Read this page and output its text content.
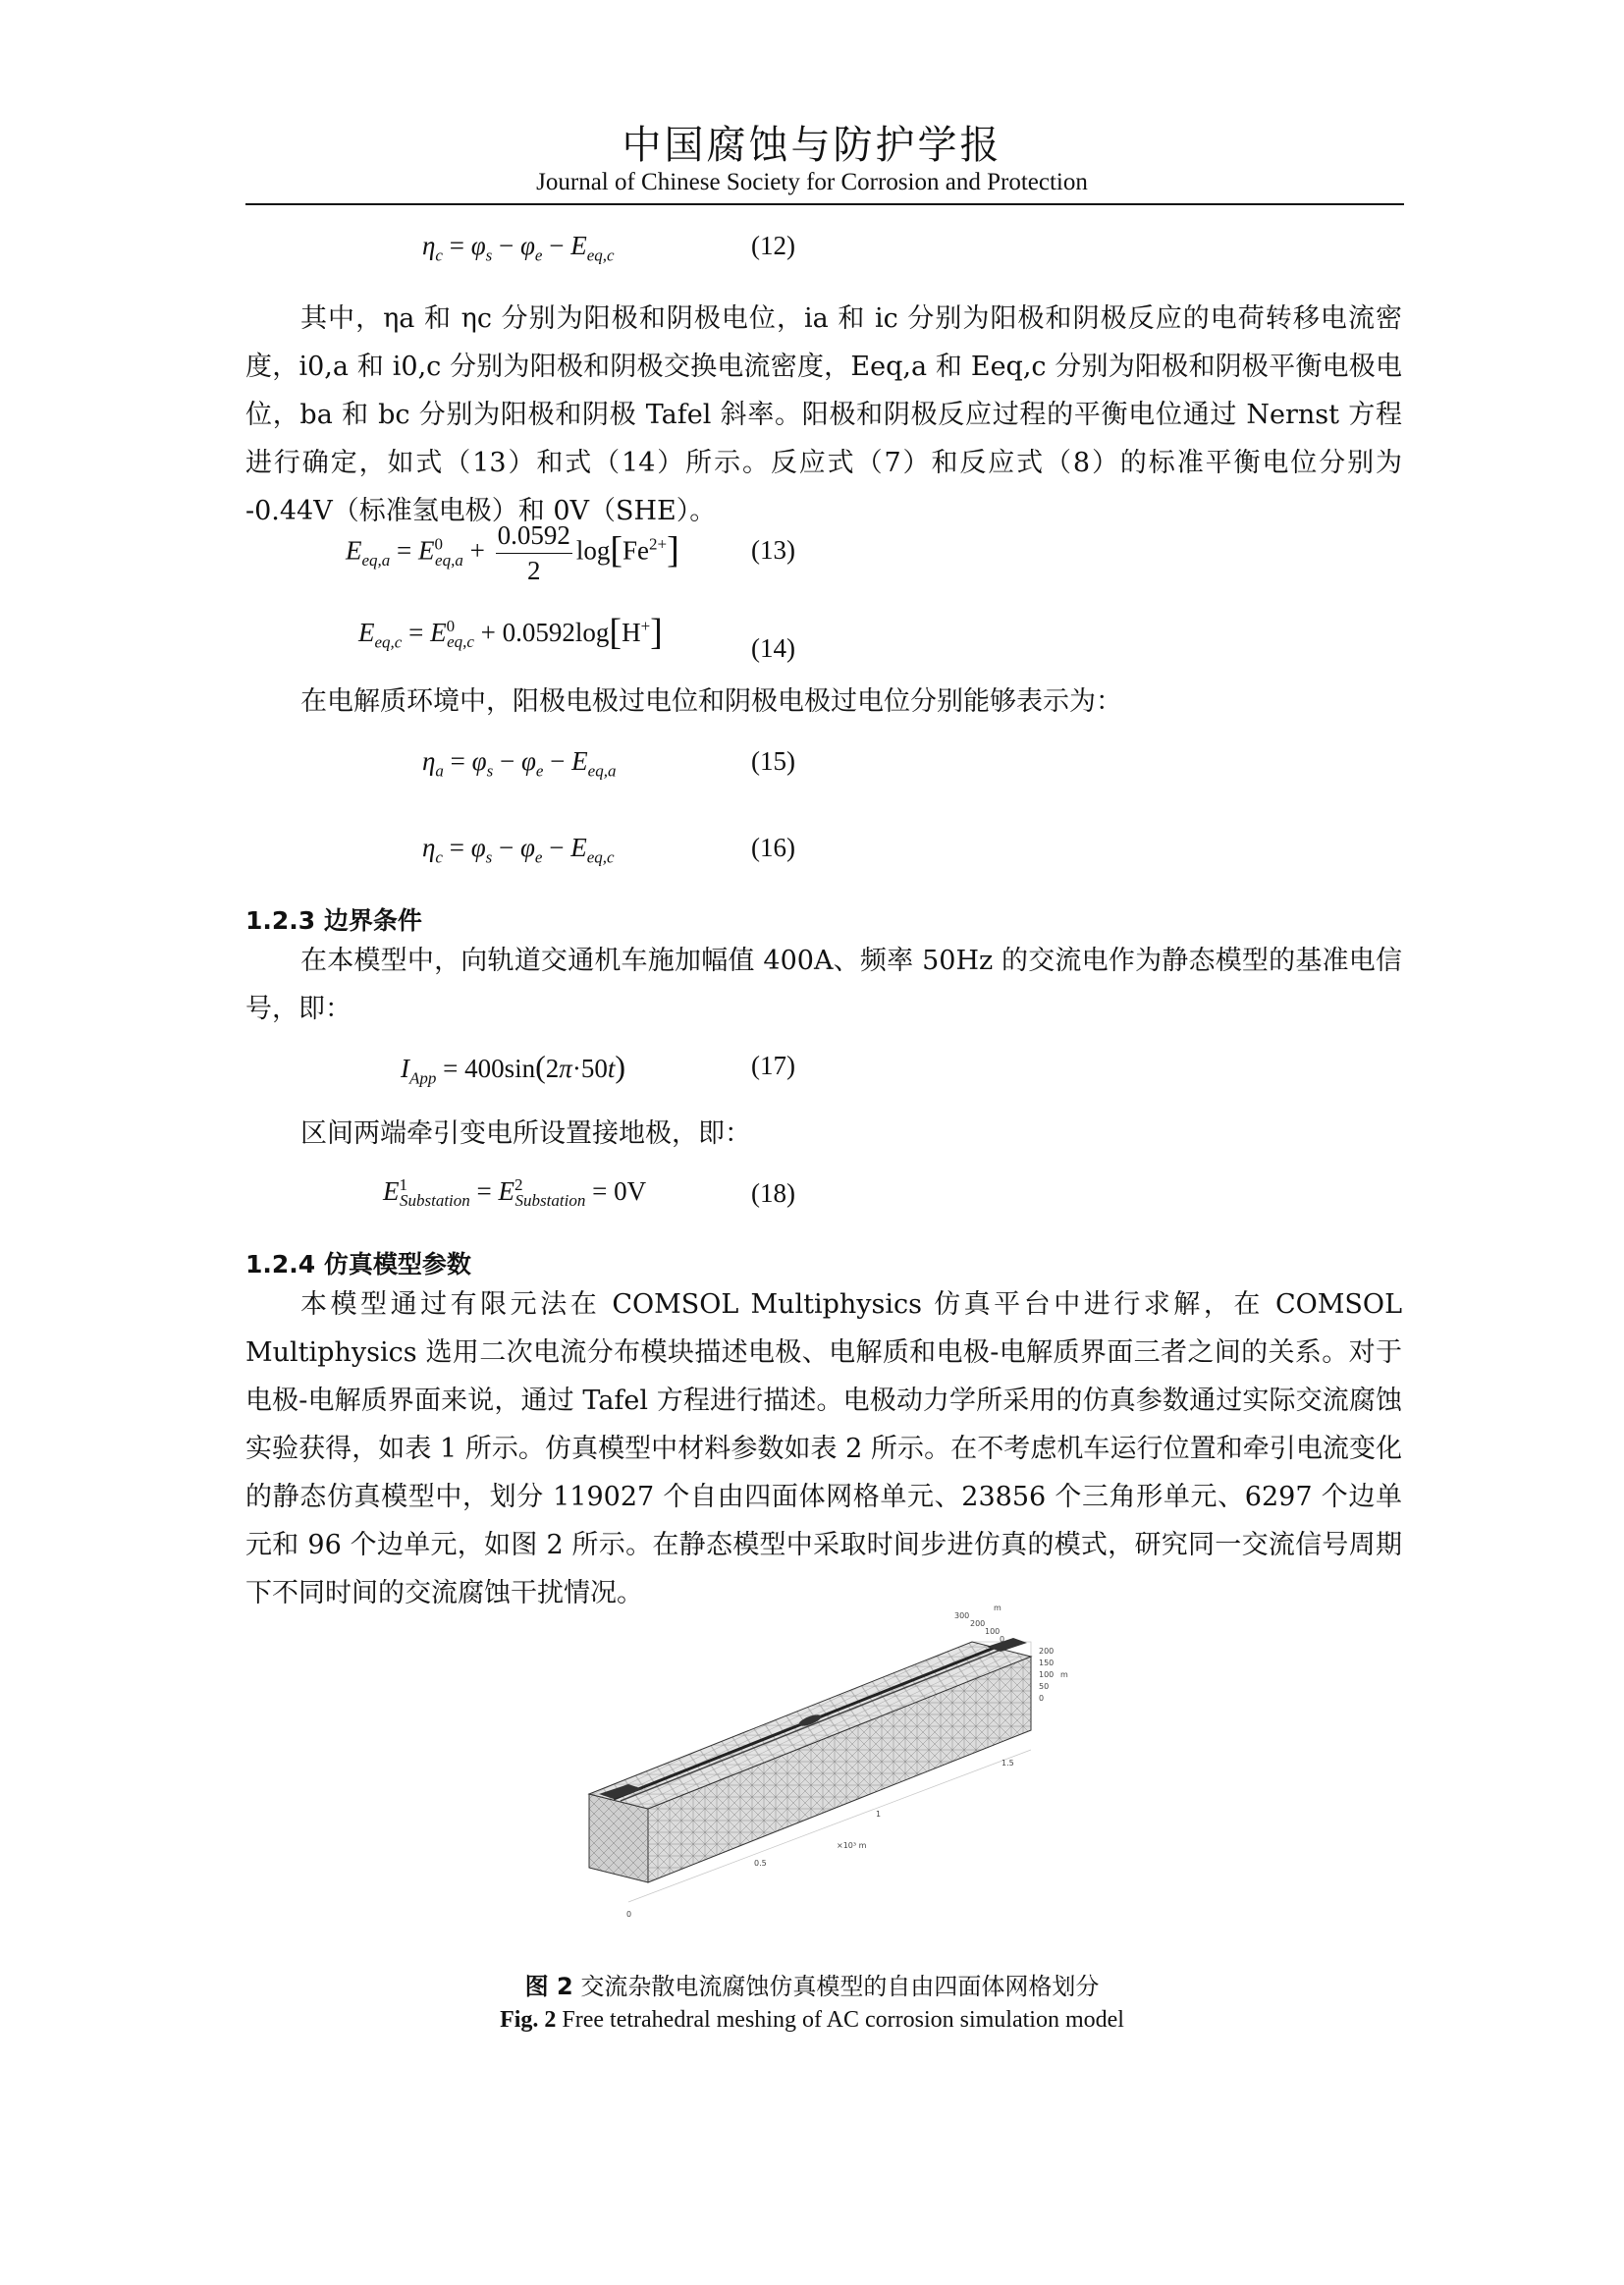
中国腐蚀与防护学报
Journal of Chinese Society for Corrosion and Protection
$\eta_c = \varphi_s - \varphi_e - E_{eq,c}$	(12)
其中，ηa 和 ηc 分别为阳极和阴极电位，ia 和 ic 分别为阳极和阴极反应的电荷转移电流密度，i0,a 和 i0,c 分别为阳极和阴极交换电流密度，Eeq,a 和 Eeq,c 分别为阳极和阴极平衡电极电位，ba 和 bc 分别为阳极和阴极 Tafel 斜率。阳极和阴极反应过程的平衡电位通过 Nernst 方程进行确定，如式（13）和式（14）所示。反应式（7）和反应式（8）的标准平衡电位分别为 -0.44V（标准氢电极）和 0V（SHE）。
$E_{eq,a} = E^0_{eq,a} + \frac{0.0592}{2} \log[Fe^{2+}]$	(13)
$E_{eq,c} = E^0_{eq,c} + 0.0592\log[H^+]$	(14)
在电解质环境中，阳极电极过电位和阴极电极过电位分别能够表示为：
$\eta_a = \varphi_s - \varphi_e - E_{eq,a}$	(15)
$\eta_c = \varphi_s - \varphi_e - E_{eq,c}$	(16)
1.2.3 边界条件
在本模型中，向轨道交通机车施加幅值 400A、频率 50Hz 的交流电作为静态模型的基准电信号，即：
$I_{App} = 400\sin(2\pi\cdot 50t)$	(17)
区间两端牵引变电所设置接地极，即：
$E^1_{Substation} = E^2_{Substation} = 0V$	(18)
1.2.4 仿真模型参数
本模型通过有限元法在 COMSOL Multiphysics 仿真平台中进行求解，在 COMSOL Multiphysics 选用二次电流分布模块描述电极、电解质和电极-电解质界面三者之间的关系。对于电极-电解质界面来说，通过 Tafel 方程进行描述。电极动力学所采用的仿真参数通过实际交流腐蚀实验获得，如表 1 所示。仿真模型中材料参数如表 2 所示。在不考虑机车运行位置和牵引电流变化的静态仿真模型中，划分 119027 个自由四面体网格单元、23856 个三角形单元、6297 个边单元和 96 个边单元，如图 2 所示。在静态模型中采取时间步进仿真的模式，研究同一交流信号周期下不同时间的交流腐蚀干扰情况。
300
200
100
0
m
200
150
100
50
0
m
0
0.5
1
1.5
×10³ m
图 2 交流杂散电流腐蚀仿真模型的自由四面体网格划分
Fig. 2 Free tetrahedral meshing of AC corrosion simulation model
